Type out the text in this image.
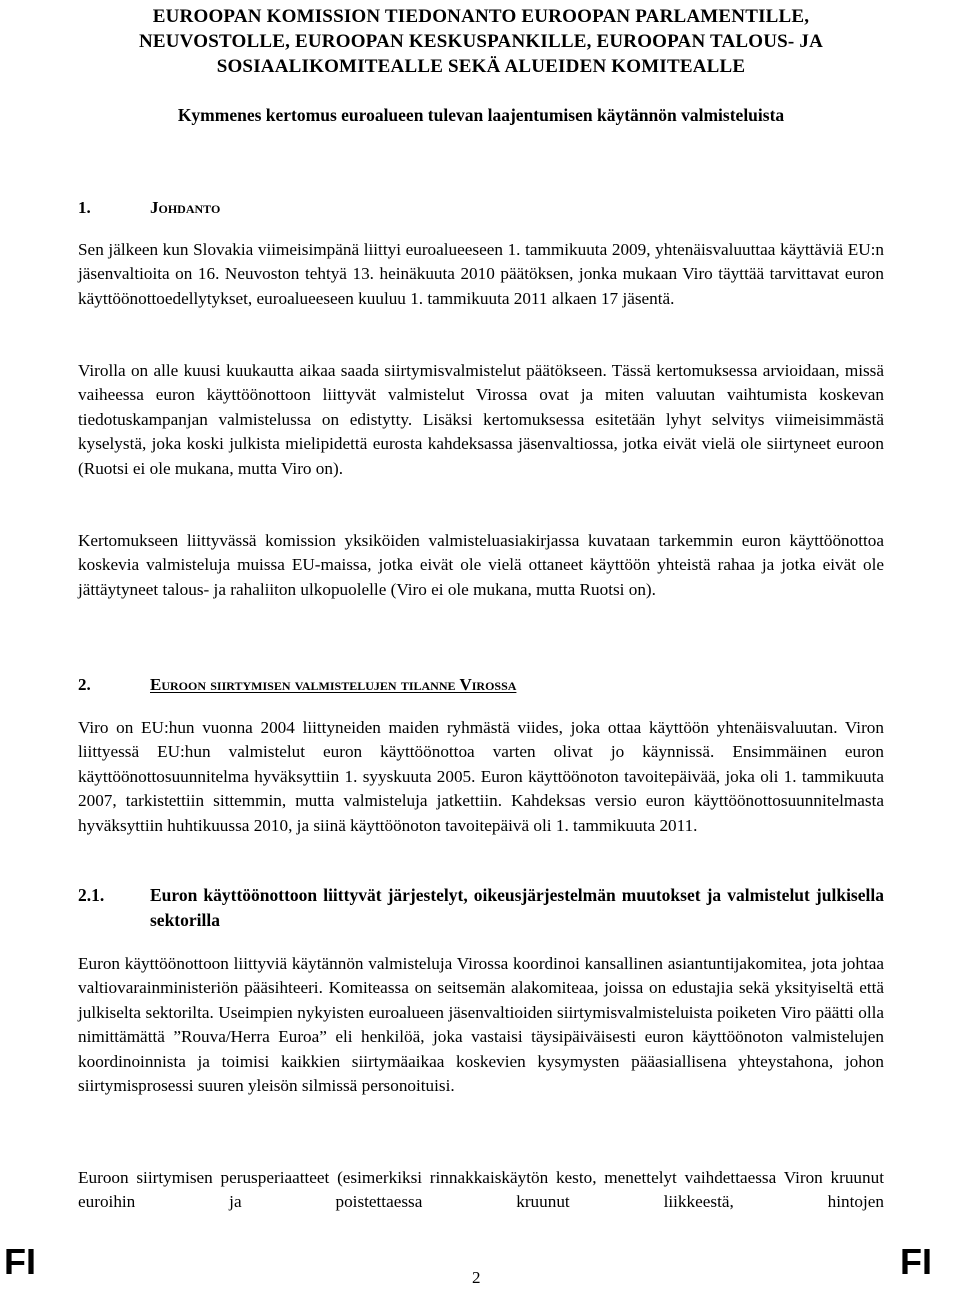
EUROOPAN KOMISSION TIEDONANTO EUROOPAN PARLAMENTILLE,
NEUVOSTOLLE, EUROOPAN KESKUSPANKILLE, EUROOPAN TALOUS- JA
SOSIAALIKOMITEALLE SEKÄ ALUEIDEN KOMITEALLE
Kymmenes kertomus euroalueen tulevan laajentumisen käytännön valmisteluista
1.	Johdanto

Sen jälkeen kun Slovakia viimeisimpänä liittyi euroalueeseen 1. tammikuuta 2009, yhtenäisvaluuttaa käyttäviä EU:n jäsenvaltioita on 16. Neuvoston tehtyä 13. heinäkuuta 2010 päätöksen, jonka mukaan Viro täyttää tarvittavat euron käyttöönottoedellytykset, euroalueeseen kuuluu 1. tammikuuta 2011 alkaen 17 jäsentä.

Virolla on alle kuusi kuukautta aikaa saada siirtymisvalmistelut päätökseen. Tässä kertomuksessa arvioidaan, missä vaiheessa euron käyttöönottoon liittyvät valmistelut Virossa ovat ja miten valuutan vaihtumista koskevan tiedotuskampanjan valmistelussa on edistytty. Lisäksi kertomuksessa esitetään lyhyt selvitys viimeisimmästä kyselystä, joka koski julkista mielipidettä eurosta kahdeksassa jäsenvaltiossa, jotka eivät vielä ole siirtyneet euroon (Ruotsi ei ole mukana, mutta Viro on).

Kertomukseen liittyvässä komission yksiköiden valmisteluasiakirjassa kuvataan tarkemmin euron käyttöönottoa koskevia valmisteluja muissa EU-maissa, jotka eivät ole vielä ottaneet käyttöön yhteistä rahaa ja jotka eivät ole jättäytyneet talous- ja rahaliiton ulkopuolelle (Viro ei ole mukana, mutta Ruotsi on).

2.	Euroon siirtymisen valmistelujen tilanne Virossa

Viro on EU:hun vuonna 2004 liittyneiden maiden ryhmästä viides, joka ottaa käyttöön yhtenäisvaluutan. Viron liittyessä EU:hun valmistelut euron käyttöönottoa varten olivat jo käynnissä. Ensimmäinen euron käyttöönottosuunnitelma hyväksyttiin 1. syyskuuta 2005. Euron käyttöönoton tavoitepäivää, joka oli 1. tammikuuta 2007, tarkistettiin sittemmin, mutta valmisteluja jatkettiin. Kahdeksas versio euron käyttöönottosuunnitelmasta hyväksyttiin huhtikuussa 2010, ja siinä käyttöönoton tavoitepäivä oli 1. tammikuuta 2011.

2.1.	Euron käyttöönottoon liittyvät järjestelyt, oikeusjärjestelmän muutokset ja valmistelut julkisella sektorilla

Euron käyttöönottoon liittyviä käytännön valmisteluja Virossa koordinoi kansallinen asiantuntijakomitea, jota johtaa valtiovarainministeriön pääsihteeri. Komiteassa on seitsemän alakomiteaa, joissa on edustajia sekä yksityiseltä että julkiselta sektorilta. Useimpien nykyisten euroalueen jäsenvaltioiden siirtymisvalmisteluista poiketen Viro päätti olla nimittämättä ”Rouva/Herra Euroa” eli henkilöä, joka vastaisi täysipäiväisesti euron käyttöönoton valmistelujen koordinoinnista ja toimisi kaikkien siirtymäaikaa koskevien kysymysten pääasiallisena yhteystahona, johon siirtymisprosessi suuren yleisön silmissä personoituisi.

Euroon siirtymisen perusperiaatteet (esimerkiksi rinnakkaiskäytön kesto, menettelyt vaihdettaessa Viron kruunut euroihin ja poistettaessa kruunut liikkeestä, hintojen

FI	2	FI
